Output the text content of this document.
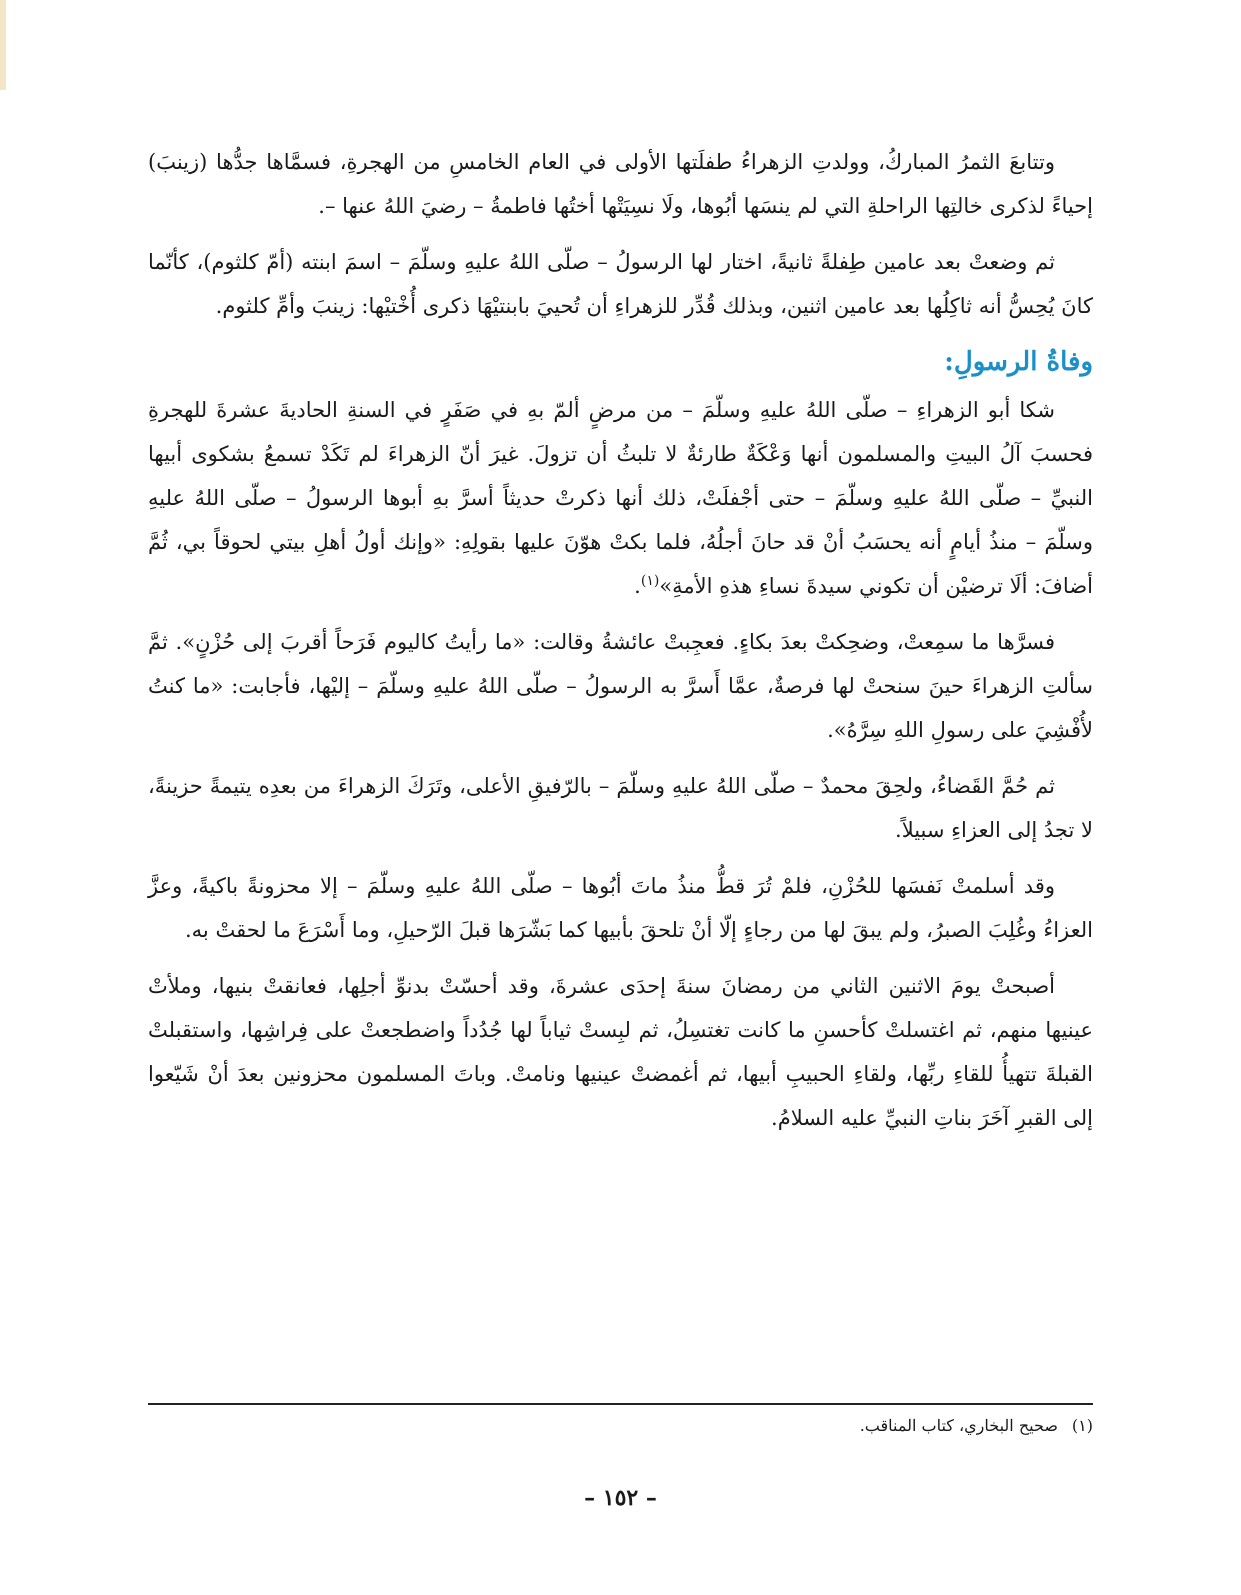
وتتابعَ الثمرُ المباركُ، وولدتِ الزهراءُ طفلَتها الأولى في العام الخامسِ من الهجرةِ، فسمَّاها جدُّها (زينبَ) إحياءً لذكرى خالتِها الراحلةِ التي لم ينسَها أبُوها، ولَا نسِيَتْها أختُها فاطمةُ – رضيَ اللهُ عنها –.

ثم وضعتْ بعد عامين طِفلةً ثانيةً، اختار لها الرسولُ – صلّى اللهُ عليهِ وسلّمَ – اسمَ ابنته (أمّ كلثوم)، كأنّما كانَ يُحِسُّ أنه ثاكِلُها بعد عامين اثنين، وبذلك قُدِّر للزهراءِ أن تُحييَ بابنتيْهَا ذكرى أُخْتيْها: زينبَ وأمِّ كلثوم.

وفاةُ الرسولِ:

شكا أبو الزهراءِ – صلّى اللهُ عليهِ وسلّمَ – من مرضٍ ألمّ بهِ في صَفَرٍ في السنةِ الحاديةَ عشرةَ للهجرةِ فحسبَ آلُ البيتِ والمسلمون أنها وَعْكَةٌ طارئةٌ لا تلبثُ أن تزولَ. غيرَ أنّ الزهراءَ لم تَكَدْ تسمعُ بشكوى أبيها النبيِّ – صلّى اللهُ عليهِ وسلّمَ – حتى أجْفلَتْ، ذلك أنها ذكرتْ حديثاً أسرَّ بهِ أبوها الرسولُ – صلّى اللهُ عليهِ وسلّمَ – منذُ أيامٍ أنه يحسَبُ أنْ قد حانَ أجلُهُ، فلما بكتْ هوّنَ عليها بقولِهِ: «وإنك أولُ أهلِ بيتي لحوقاً بي، ثُمَّ أضافَ: ألَا ترضيْن أن تكوني سيدةَ نساءِ هذهِ الأمةِ»$^{(١)}$.

فسرَّها ما سمِعتْ، وضحِكتْ بعدَ بكاءٍ. فعجِبتْ عائشةُ وقالت: «ما رأيتُ كاليوم فَرَحاً أقربَ إلى حُزْنٍ». ثمَّ سألتِ الزهراءَ حينَ سنحتْ لها فرصةٌ، عمَّا أَسرَّ به الرسولُ – صلّى اللهُ عليهِ وسلّمَ – إليْها، فأجابت: «ما كنتُ لأُفْشِيَ على رسولِ اللهِ سِرَّهُ».

ثم حُمَّ القَضاءُ، ولحِقَ محمدٌ – صلّى اللهُ عليهِ وسلّمَ – بالرّفيقِ الأعلى، وتَرَكَ الزهراءَ من بعدِه يتيمةً حزينةً، لا تجدُ إلى العزاءِ سبيلاً.

وقد أسلمتْ نَفسَها للحُزْنِ، فلمْ تُرَ قطُّ منذُ ماتَ أبُوها – صلّى اللهُ عليهِ وسلّمَ – إلا محزونةً باكيةً، وعزَّ العزاءُ وغُلِبَ الصبرُ، ولم يبقَ لها من رجاءٍ إلّا أنْ تلحقَ بأبيها كما بَشّرَها قبلَ الرّحيلِ، وما أَسْرَعَ ما لحقتْ به.

أصبحتْ يومَ الاثنين الثاني من رمضانَ سنةَ إحدَى عشرةَ، وقد أحسّتْ بدنوِّ أجلِها، فعانقتْ بنيها، وملأتْ عينيها منهم، ثم اغتسلتْ كأحسنِ ما كانت تغتسِلُ، ثم لبِستْ ثياباً لها جُدُداً واضطجعتْ على فِراشِها، واستقبلتْ القبلةَ تتهيأُ للقاءِ ربِّها، ولقاءِ الحبيبِ أبيها، ثم أغمضتْ عينيها ونامتْ. وباتَ المسلمون محزونين بعدَ أنْ شَيّعوا إلى القبرِ آخَرَ بناتِ النبيِّ عليه السلامُ.

(١)صحيح البخاري، كتاب المناقب.
– ١٥٢ –
